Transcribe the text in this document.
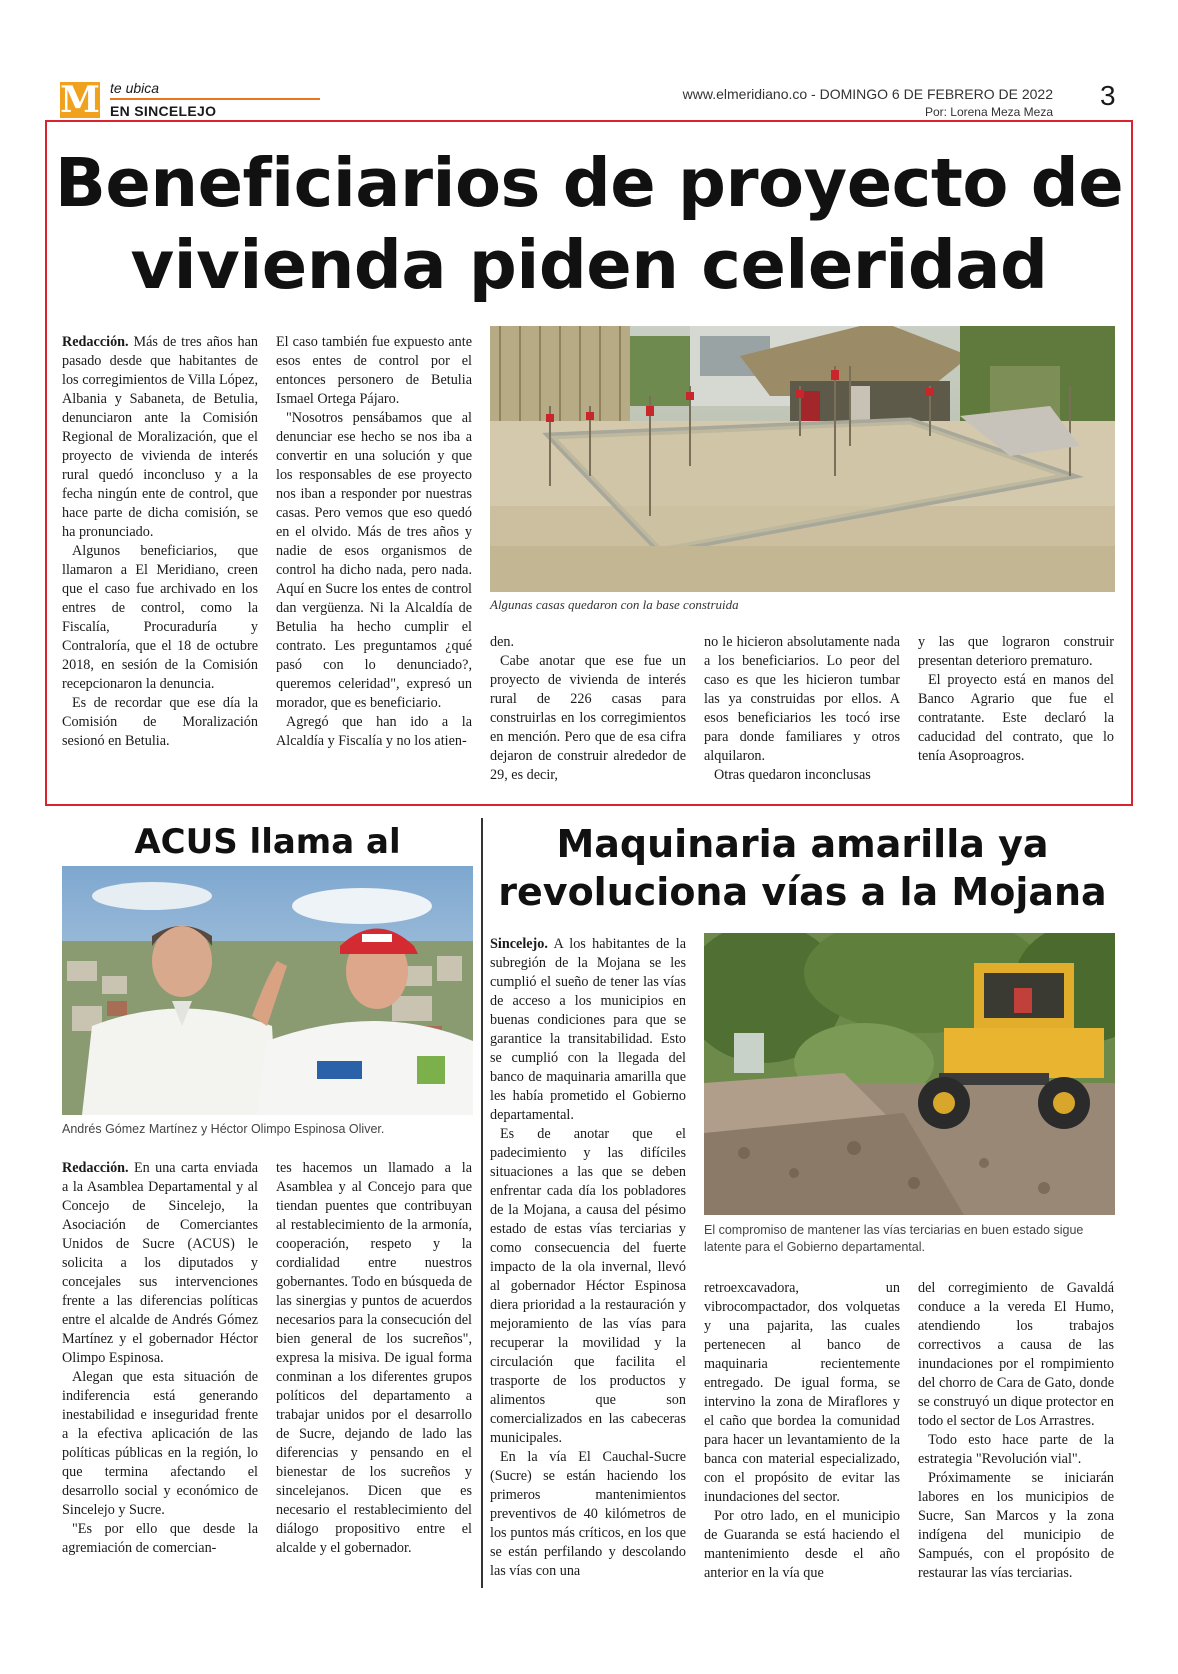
M te ubica
EN SINCELEJO
www.elmeridiano.co - DOMINGO 6 DE FEBRERO DE 2022
Por: Lorena Meza Meza
3
Beneficiarios de proyecto de
vivienda piden celeridad

Redacción. Más de tres años han pasado desde que habitantes de los corregimientos de Villa López, Albania y Sabaneta, de Betulia, denunciaron ante la Comisión Regional de Moralización, que el proyecto de vivienda de interés rural quedó inconcluso y a la fecha ningún ente de control, que hace parte de dicha comisión, se ha pronunciado.

Algunos beneficiarios, que llamaron a El Meridiano, creen que el caso fue archivado en los entres de control, como la Fiscalía, Procuraduría y Contraloría, que el 18 de octubre 2018, en sesión de la Comisión recepcionaron la denuncia.

Es de recordar que ese día la Comisión de Moralización sesionó en Betulia.

El caso también fue expuesto ante esos entes de control por el entonces personero de Betulia Ismael Ortega Pájaro.

"Nosotros pensábamos que al denunciar ese hecho se nos iba a convertir en una solución y que los responsables de ese proyecto nos iban a responder por nuestras casas. Pero vemos que eso quedó en el olvido. Más de tres años y nadie de esos organismos de control ha dicho nada, pero nada. Aquí en Sucre los entes de control dan vergüenza. Ni la Alcaldía de Betulia ha hecho cumplir el contrato. Les preguntamos ¿qué pasó con lo denunciado?, queremos celeridad", expresó un morador, que es beneficiario.

Agregó que han ido a la Alcaldía y Fiscalía y no los atien-

Algunas casas quedaron con la base construida

den.

Cabe anotar que ese fue un proyecto de vivienda de interés rural de 226 casas para construirlas en los corregimientos en mención. Pero que de esa cifra dejaron de construir alrededor de 29, es decir,

no le hicieron absolutamente nada a los beneficiarios. Lo peor del caso es que les hicieron tumbar las ya construidas por ellos. A esos beneficiarios les tocó irse para donde familiares y otros alquilaron.

Otras quedaron inconclusas

y las que lograron construir presentan deterioro prematuro.

El proyecto está en manos del Banco Agrario que fue el contratante. Este declaró la caducidad del contrato, que lo tenía Asoproagros.

ACUS llama al
Andrés Gómez Martínez y Héctor Olimpo Espinosa Oliver.

Redacción. En una carta enviada a la Asamblea Departamental y al Concejo de Sincelejo, la Asociación de Comerciantes Unidos de Sucre (ACUS) le solicita a los diputados y concejales sus intervenciones frente a las diferencias políticas entre el alcalde de Andrés Gómez Martínez y el gobernador Héctor Olimpo Espinosa.

Alegan que esta situación de indiferencia está generando inestabilidad e inseguridad frente a la efectiva aplicación de las políticas públicas en la región, lo que termina afectando el desarrollo social y económico de Sincelejo y Sucre.

"Es por ello que desde la agremiación de comercian-

tes hacemos un llamado a la Asamblea y al Concejo para que tiendan puentes que contribuyan al restablecimiento de la armonía, cooperación, respeto y la cordialidad entre nuestros gobernantes. Todo en búsqueda de las sinergias y puntos de acuerdos necesarios para la consecución del bien general de los sucreños", expresa la misiva. De igual forma conminan a los diferentes grupos políticos del departamento a trabajar unidos por el desarrollo de Sucre, dejando de lado las diferencias y pensando en el bienestar de los sucreños y sincelejanos. Dicen que es necesario el restablecimiento del diálogo propositivo entre el alcalde y el gobernador.

Maquinaria amarilla ya
revoluciona vías a la Mojana

Sincelejo. A los habitantes de la subregión de la Mojana se les cumplió el sueño de tener las vías de acceso a los municipios en buenas condiciones para que se garantice la transitabilidad. Esto se cumplió con la llegada del banco de maquinaria amarilla que les había prometido el Gobierno departamental.

Es de anotar que el padecimiento y las difíciles situaciones a las que se deben enfrentar cada día los pobladores de la Mojana, a causa del pésimo estado de estas vías terciarias y como consecuencia del fuerte impacto de la ola invernal, llevó al gobernador Héctor Espinosa diera prioridad a la restauración y mejoramiento de las vías para recuperar la movilidad y la circulación que facilita el trasporte de los productos y alimentos que son comercializados en las cabeceras municipales.

En la vía El Cauchal-Sucre (Sucre) se están haciendo los primeros mantenimientos preventivos de 40 kilómetros de los puntos más críticos, en los que se están perfilando y descolando las vías con una

El compromiso de mantener las vías terciarias en buen estado sigue latente para el Gobierno departamental.

retroexcavadora, un vibrocompactador, dos volquetas y una pajarita, las cuales pertenecen al banco de maquinaria recientemente entregado. De igual forma, se intervino la zona de Miraflores y el caño que bordea la comunidad para hacer un levantamiento de la banca con material especializado, con el propósito de evitar las inundaciones del sector.

Por otro lado, en el municipio de Guaranda se está haciendo el mantenimiento desde el año anterior en la vía que

del corregimiento de Gavaldá conduce a la vereda El Humo, atendiendo los trabajos correctivos a causa de las inundaciones por el rompimiento del chorro de Cara de Gato, donde se construyó un dique protector en todo el sector de Los Arrastres.

Todo esto hace parte de la estrategia "Revolución vial".

Próximamente se iniciarán labores en los municipios de Sucre, San Marcos y la zona indígena del municipio de Sampués, con el propósito de restaurar las vías terciarias.
